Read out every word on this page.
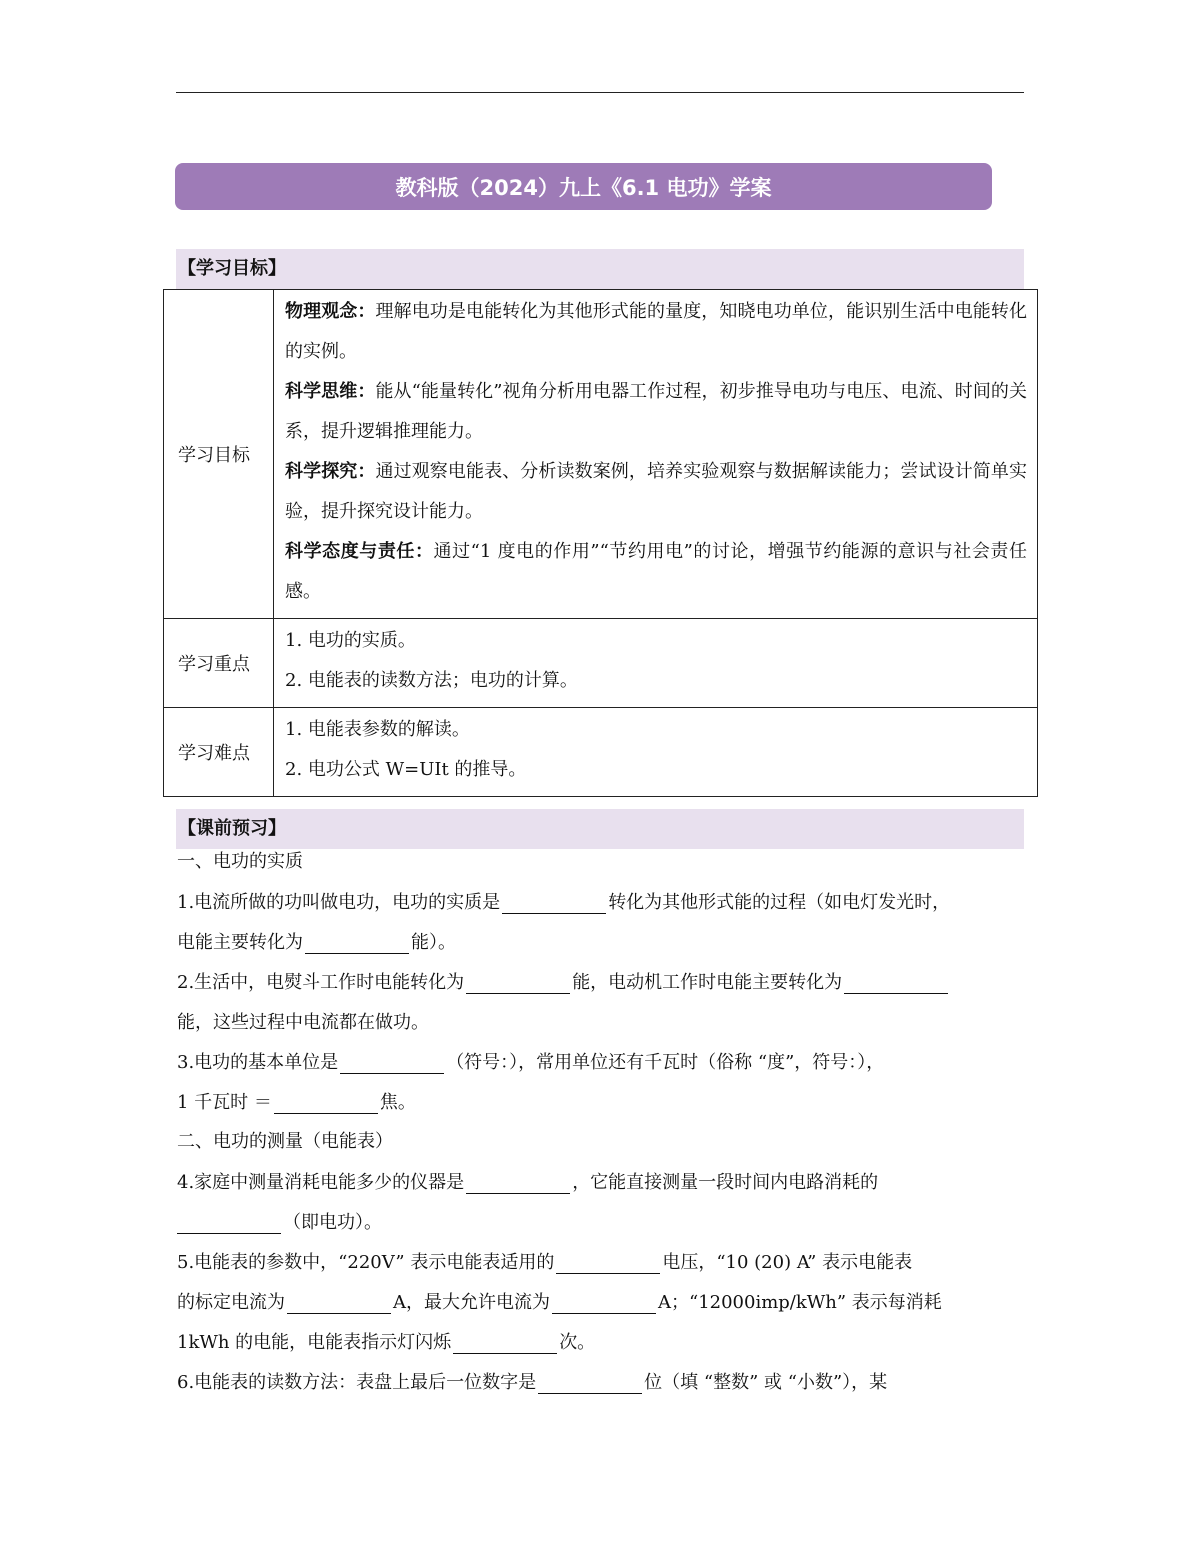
教科版（2024）九上《6.1 电功》学案
【学习目标】
学习目标	物理观念：理解电功是电能转化为其他形式能的量度，知晓电功单位，能识别生活中电能转化的实例。

科学思维：能从“能量转化”视角分析用电器工作过程，初步推导电功与电压、电流、时间的关系，提升逻辑推理能力。

科学探究：通过观察电能表、分析读数案例，培养实验观察与数据解读能力；尝试设计简单实验，提升探究设计能力。

科学态度与责任：通过“1 度电的作用”“节约用电”的讨论，增强节约能源的意识与社会责任感。

学习重点	1. 电功的实质。

2. 电能表的读数方法；电功的计算。

学习难点	1. 电能表参数的解读。

2. 电功公式 W=UIt 的推导。

【课前预习】
一、电功的实质
1.电流所做的功叫做电功，电功的实质是	转化为其他形式能的过程（如电灯发光时，
电能主要转化为	能）。
2.生活中，电熨斗工作时电能转化为	能，电动机工作时电能主要转化为
能，这些过程中电流都在做功。
3.电功的基本单位是	（符号：），常用单位还有千瓦时（俗称 “度”，符号：），
1 千瓦时 ＝	焦。
二、电功的测量（电能表）
4.家庭中测量消耗电能多少的仪器是	，它能直接测量一段时间内电路消耗的
（即电功）。
5.电能表的参数中，“220V” 表示电能表适用的	电压，“10 (20) A” 表示电能表
的标定电流为	A，最大允许电流为	A；“12000imp/kWh” 表示每消耗
1kWh 的电能，电能表指示灯闪烁	次。
6.电能表的读数方法：表盘上最后一位数字是	位（填 “整数” 或 “小数”），某
